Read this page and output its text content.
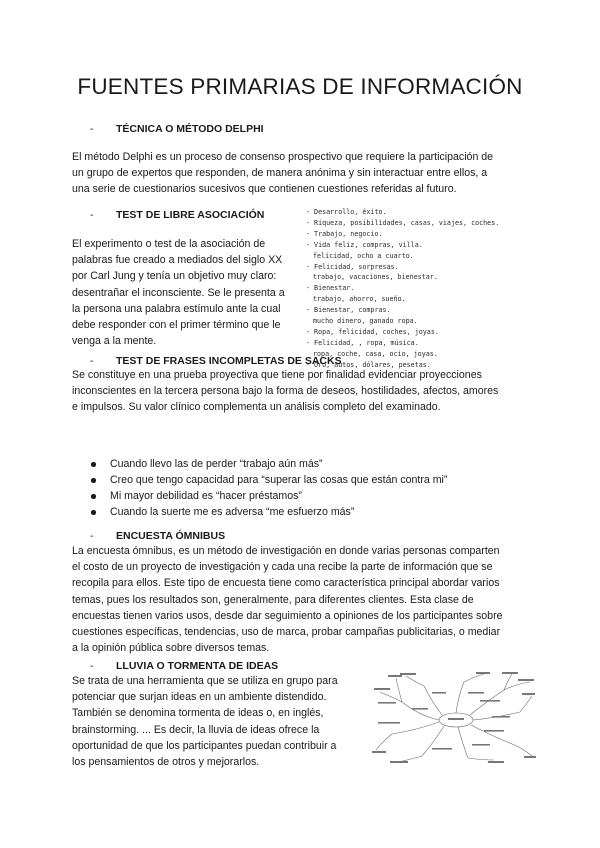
FUENTES PRIMARIAS DE INFORMACIÓN
- TÉCNICA O MÉTODO DELPHI
El método Delphi es un proceso de consenso prospectivo que requiere la participación de
un grupo de expertos que responden, de manera anónima y sin interactuar entre ellos, a
una serie de cuestionarios sucesivos que contienen cuestiones referidas al futuro.
- TEST DE LIBRE ASOCIACIÓN
El experimento o test de la asociación de
palabras fue creado a mediados del siglo XX
por Carl Jung y tenía un objetivo muy claro:
desentrañar el inconsciente. Se le presenta a
la persona una palabra estímulo ante la cual
debe responder con el primer término que le
venga a la mente.
- Desarrollo, éxito.
- Riqueza, posibilidades, casas, viajes, coches.
- Trabajo, negocio.
- Vida feliz, compras, villa.
felicidad, ocho a cuarto.
- Felicidad, sorpresas.
trabajo, vacaciones, bienestar.
- Bienestar.
trabajo, ahorro, sueño.
- Bienestar, compras.
mucho dinero, ganado ropa.
- Ropa, felicidad, coches, joyas.
- Felicidad, , ropa, música.
ropa, coche, casa, ocio, joyas.
- Oro, autos, dólares, pesetas.
- TEST DE FRASES INCOMPLETAS DE SACKS
Se constituye en una prueba proyectiva que tiene por finalidad evidenciar proyecciones
inconscientes en la tercera persona bajo la forma de deseos, hostilidades, afectos, amores
e impulsos. Su valor clínico complementa un análisis completo del examinado.
Cuando llevo las de perder “trabajo aún más”
Creo que tengo capacidad para “superar las cosas que están contra mi”
Mi mayor debilidad es “hacer préstamos”
Cuando la suerte me es adversa “me esfuerzo más”
- ENCUESTA ÓMNIBUS
La encuesta ómnibus, es un método de investigación en donde varias personas comparten
el costo de un proyecto de investigación y cada una recibe la parte de información que se
recopila para ellos. Este tipo de encuesta tiene como característica principal abordar varios
temas, pues los resultados son, generalmente, para diferentes clientes. Esta clase de
encuestas tienen varios usos, desde dar seguimiento a opiniones de los participantes sobre
cuestiones específicas, tendencias, uso de marca, probar campañas publicitarias, o mediar
a la opinión pública sobre diversos temas.
- LLUVIA O TORMENTA DE IDEAS
Se trata de una herramienta que se utiliza en grupo para
potenciar que surjan ideas en un ambiente distendido.
También se denomina tormenta de ideas o, en inglés,
brainstorming. ... Es decir, la lluvia de ideas ofrece la
oportunidad de que los participantes puedan contribuir a
los pensamientos de otros y mejorarlos.
